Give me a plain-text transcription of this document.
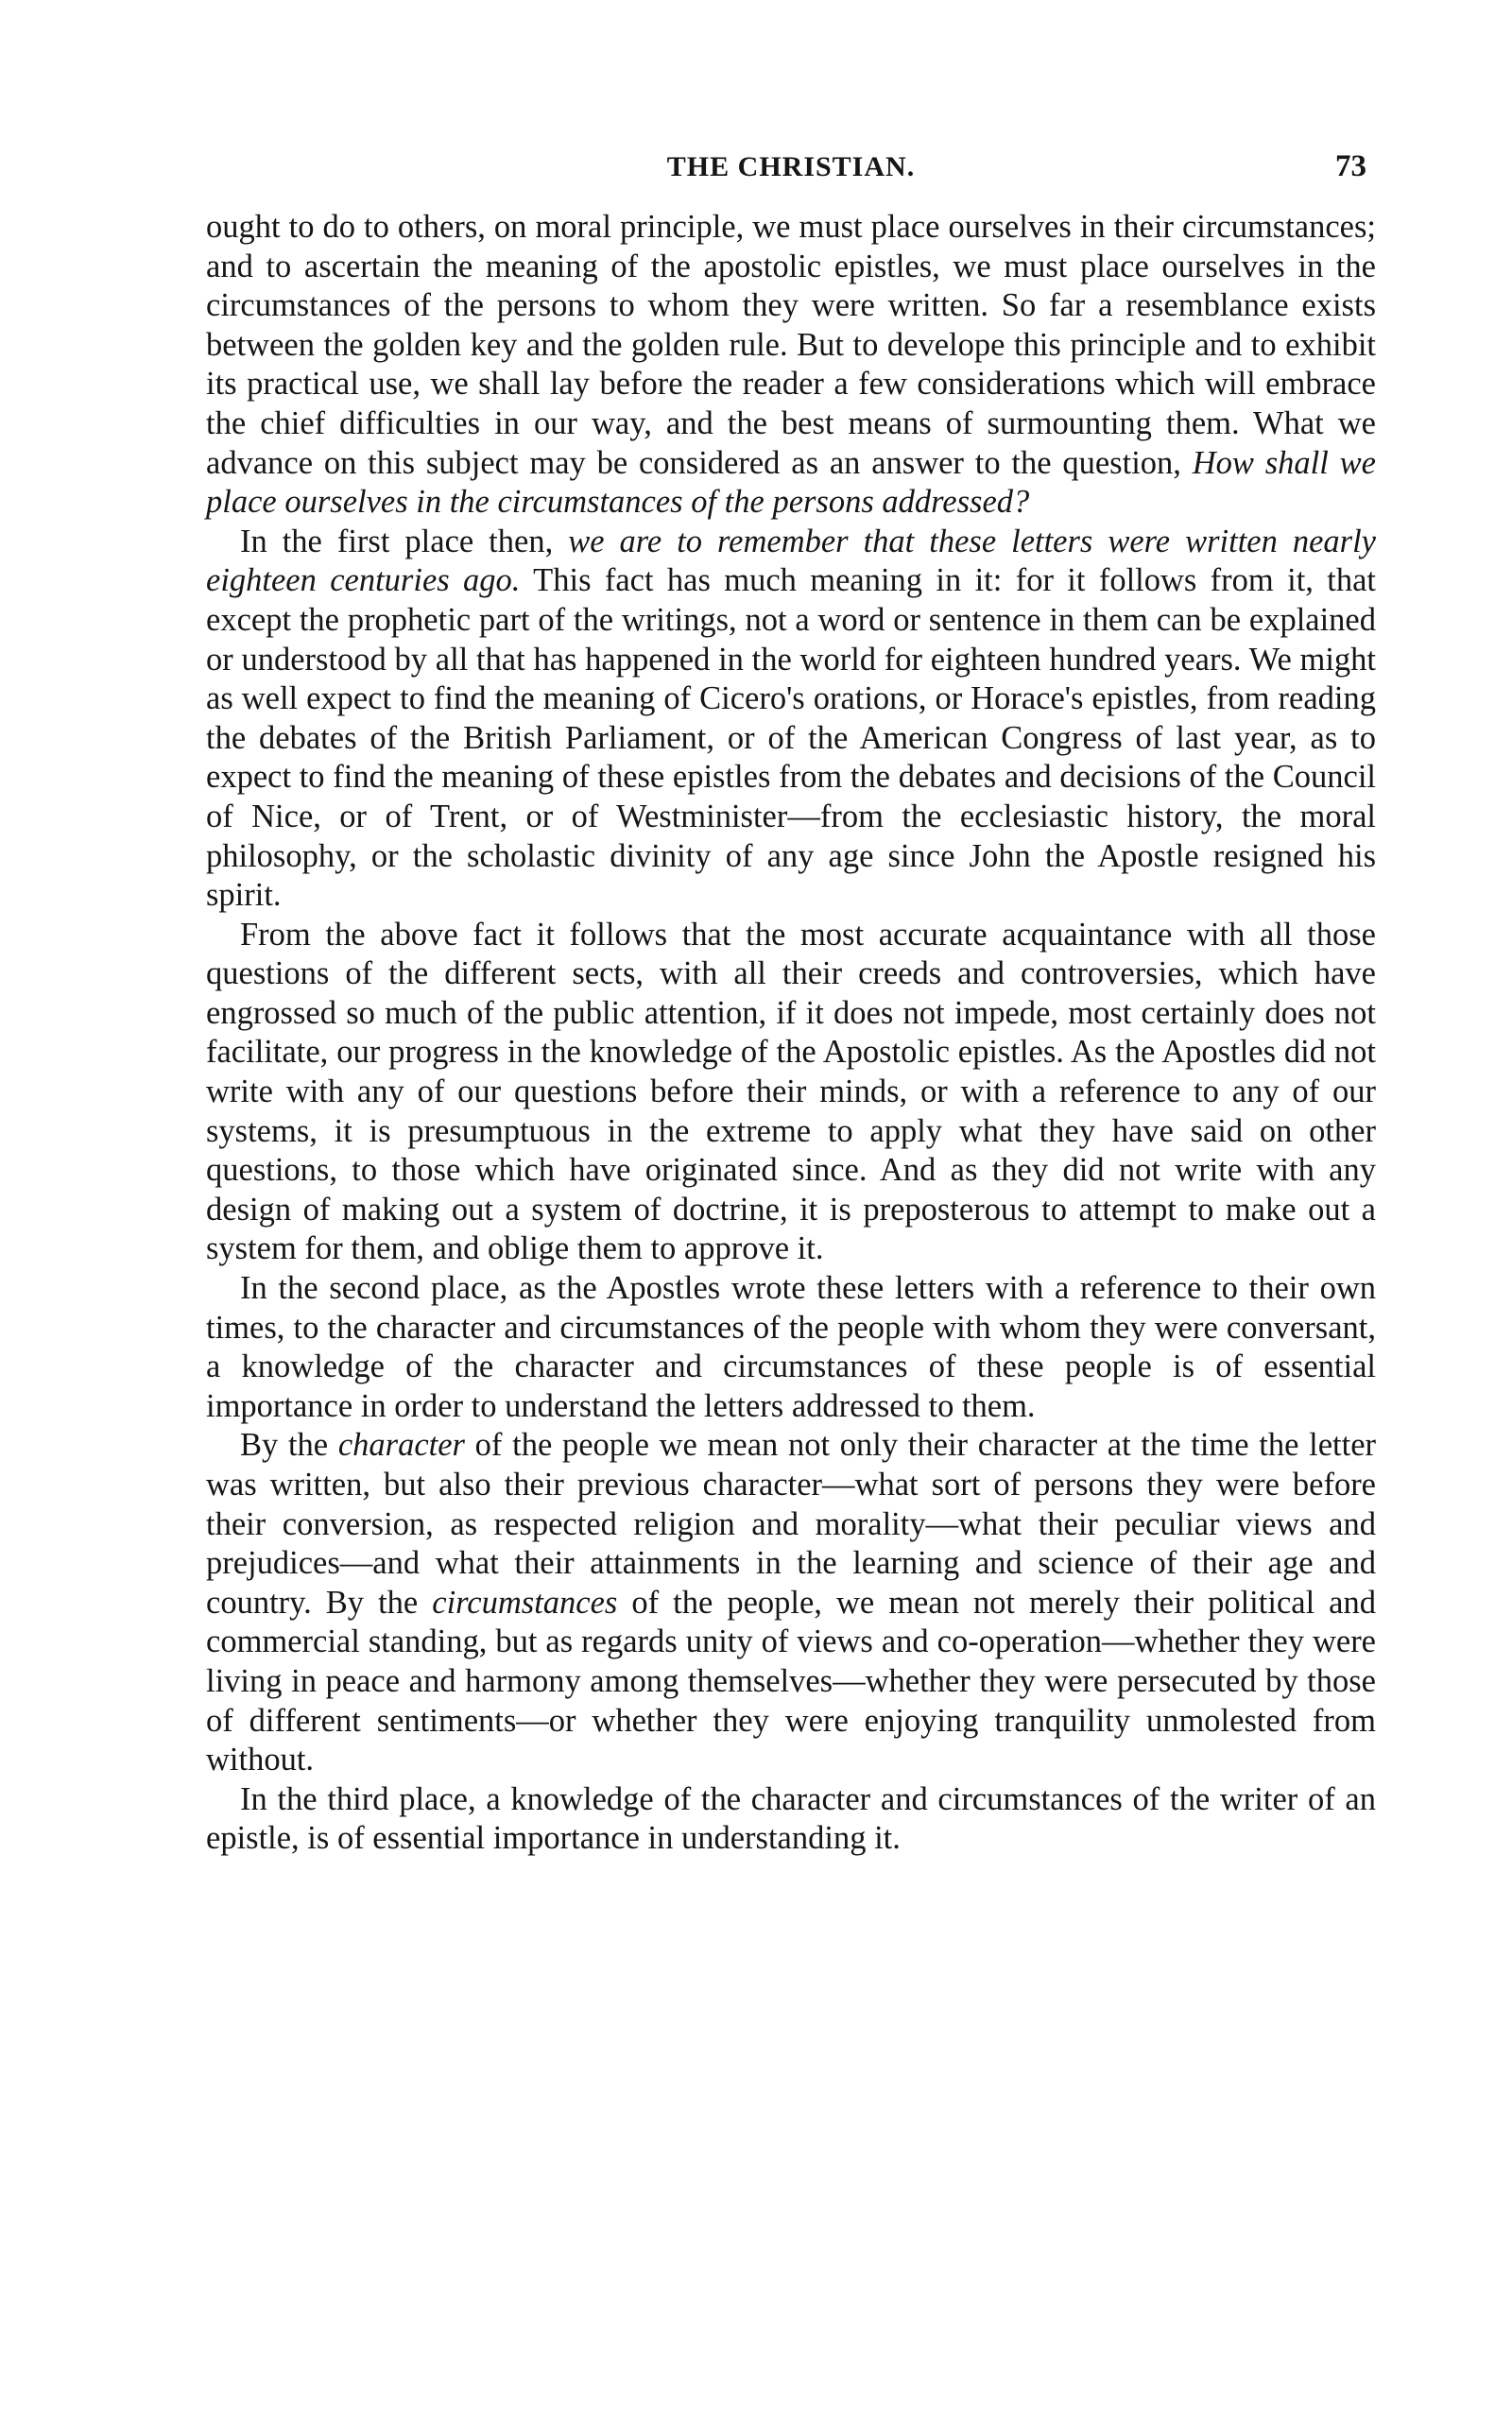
THE CHRISTIAN.	73

ought to do to others, on moral principle, we must place ourselves in their circumstances; and to ascertain the meaning of the apostolic epistles, we must place ourselves in the circumstances of the persons to whom they were written. So far a resemblance exists between the golden key and the golden rule. But to develope this principle and to exhibit its practical use, we shall lay before the reader a few considerations which will embrace the chief difficulties in our way, and the best means of surmounting them. What we advance on this subject may be considered as an answer to the question, How shall we place ourselves in the circumstances of the persons addressed?

In the first place then, we are to remember that these letters were written nearly eighteen centuries ago. This fact has much meaning in it: for it follows from it, that except the prophetic part of the writings, not a word or sentence in them can be explained or understood by all that has happened in the world for eighteen hundred years. We might as well expect to find the meaning of Cicero's orations, or Horace's epistles, from reading the debates of the British Parliament, or of the American Congress of last year, as to expect to find the meaning of these epistles from the debates and decisions of the Council of Nice, or of Trent, or of Westminister—from the ecclesiastic history, the moral philosophy, or the scholastic divinity of any age since John the Apostle resigned his spirit.

From the above fact it follows that the most accurate acquaintance with all those questions of the different sects, with all their creeds and controversies, which have engrossed so much of the public attention, if it does not impede, most certainly does not facilitate, our progress in the knowledge of the Apostolic epistles. As the Apostles did not write with any of our questions before their minds, or with a reference to any of our systems, it is presumptuous in the extreme to apply what they have said on other questions, to those which have originated since. And as they did not write with any design of making out a system of doctrine, it is preposterous to attempt to make out a system for them, and oblige them to approve it.

In the second place, as the Apostles wrote these letters with a reference to their own times, to the character and circumstances of the people with whom they were conversant, a knowledge of the character and circumstances of these people is of essential importance in order to understand the letters addressed to them.

By the character of the people we mean not only their character at the time the letter was written, but also their previous character—what sort of persons they were before their conversion, as respected religion and morality—what their peculiar views and prejudices—and what their attainments in the learning and science of their age and country. By the circumstances of the people, we mean not merely their political and commercial standing, but as regards unity of views and co-operation—whether they were living in peace and harmony among themselves—whether they were persecuted by those of different sentiments—or whether they were enjoying tranquility unmolested from without.

In the third place, a knowledge of the character and circumstances of the writer of an epistle, is of essential importance in understanding it.
